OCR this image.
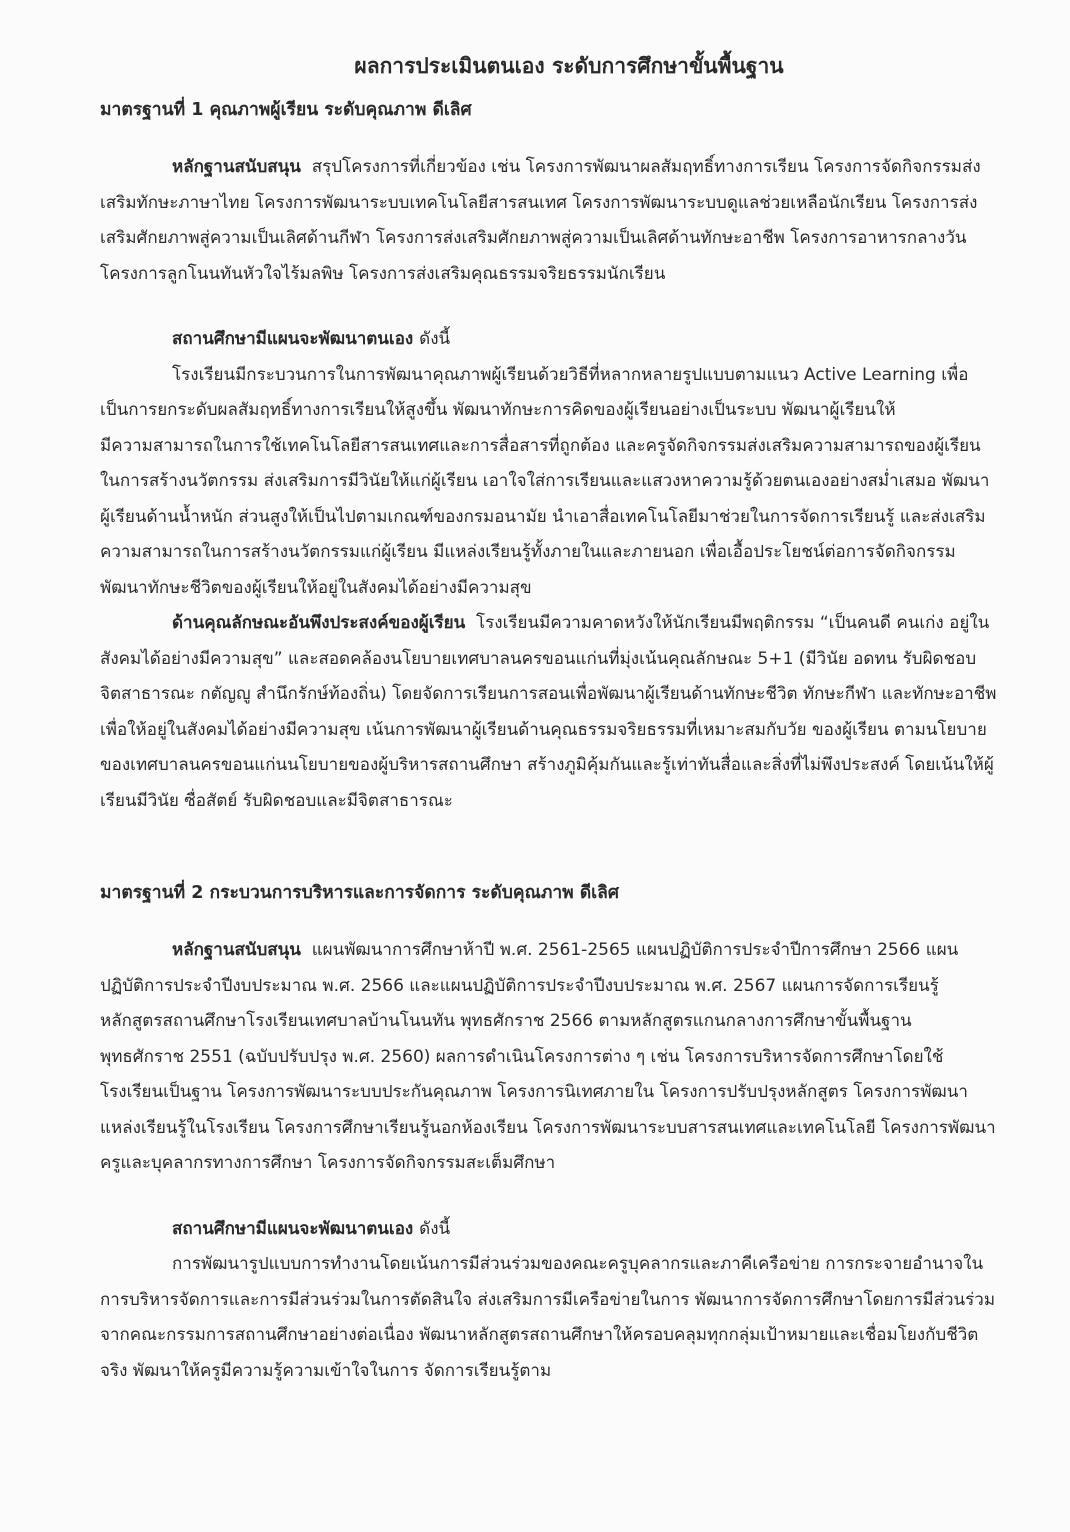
ผลการประเมินตนเอง ระดับการศึกษาขั้นพื้นฐาน
มาตรฐานที่ 1 คุณภาพผู้เรียน ระดับคุณภาพ ดีเลิศ

หลักฐานสนับสนุน สรุปโครงการที่เกี่ยวข้อง เช่น โครงการพัฒนาผลสัมฤทธิ์ทางการเรียน โครงการจัดกิจกรรมส่งเสริมทักษะภาษาไทย โครงการพัฒนาระบบเทคโนโลยีสารสนเทศ โครงการพัฒนาระบบดูแลช่วยเหลือนักเรียน โครงการส่งเสริมศักยภาพสู่ความเป็นเลิศด้านกีฬา โครงการส่งเสริมศักยภาพสู่ความเป็นเลิศด้านทักษะอาชีพ โครงการอาหารกลางวัน โครงการลูกโนนทันหัวใจไร้มลพิษ โครงการส่งเสริมคุณธรรมจริยธรรมนักเรียน

สถานศึกษามีแผนจะพัฒนาตนเอง ดังนี้

โรงเรียนมีกระบวนการในการพัฒนาคุณภาพผู้เรียนด้วยวิธีที่หลากหลายรูปแบบตามแนว Active Learning เพื่อเป็นการยกระดับผลสัมฤทธิ์ทางการเรียนให้สูงขึ้น พัฒนาทักษะการคิดของผู้เรียนอย่างเป็นระบบ พัฒนาผู้เรียนให้

มีความสามารถในการใช้เทคโนโลยีสารสนเทศและการสื่อสารที่ถูกต้อง และครูจัดกิจกรรมส่งเสริมความสามารถของผู้เรียนในการสร้างนวัตกรรม ส่งเสริมการมีวินัยให้แก่ผู้เรียน เอาใจใส่การเรียนและแสวงหาความรู้ด้วยตนเองอย่างสม่ำเสมอ พัฒนาผู้เรียนด้านน้ำหนัก ส่วนสูงให้เป็นไปตามเกณฑ์ของกรมอนามัย นำเอาสื่อเทคโนโลยีมาช่วยในการจัดการเรียนรู้ และส่งเสริมความสามารถในการสร้างนวัตกรรมแก่ผู้เรียน มีแหล่งเรียนรู้ทั้งภายในและภายนอก เพื่อเอื้อประโยชน์ต่อการจัดกิจกรรมพัฒนาทักษะชีวิตของผู้เรียนให้อยู่ในสังคมได้อย่างมีความสุข

ด้านคุณลักษณะอันพึงประสงค์ของผู้เรียน โรงเรียนมีความคาดหวังให้นักเรียนมีพฤติกรรม “เป็นคนดี คนเก่ง อยู่ในสังคมได้อย่างมีความสุข” และสอดคล้องนโยบายเทศบาลนครขอนแก่นที่มุ่งเน้นคุณลักษณะ 5+1 (มีวินัย อดทน รับผิดชอบ จิตสาธารณะ กตัญญู สำนึกรักษ์ท้องถิ่น) โดยจัดการเรียนการสอนเพื่อพัฒนาผู้เรียนด้านทักษะชีวิต ทักษะกีฬา และทักษะอาชีพ เพื่อให้อยู่ในสังคมได้อย่างมีความสุข เน้นการพัฒนาผู้เรียนด้านคุณธรรมจริยธรรมที่เหมาะสมกับวัย ของผู้เรียน ตามนโยบายของเทศบาลนครขอนแก่นนโยบายของผู้บริหารสถานศึกษา สร้างภูมิคุ้มกันและรู้เท่าทันสื่อและสิ่งที่ไม่พึงประสงค์ โดยเน้นให้ผู้เรียนมีวินัย ซื่อสัตย์ รับผิดชอบและมีจิตสาธารณะ

มาตรฐานที่ 2 กระบวนการบริหารและการจัดการ ระดับคุณภาพ ดีเลิศ

หลักฐานสนับสนุน แผนพัฒนาการศึกษาห้าปี พ.ศ. 2561-2565 แผนปฏิบัติการประจำปีการศึกษา 2566 แผนปฏิบัติการประจำปีงบประมาณ พ.ศ. 2566 และแผนปฏิบัติการประจำปีงบประมาณ พ.ศ. 2567 แผนการจัดการเรียนรู้ หลักสูตรสถานศึกษาโรงเรียนเทศบาลบ้านโนนทัน พุทธศักราช 2566 ตามหลักสูตรแกนกลางการศึกษาขั้นพื้นฐาน พุทธศักราช 2551 (ฉบับปรับปรุง พ.ศ. 2560) ผลการดำเนินโครงการต่าง ๆ เช่น โครงการบริหารจัดการศึกษาโดยใช้โรงเรียนเป็นฐาน โครงการพัฒนาระบบประกันคุณภาพ โครงการนิเทศภายใน โครงการปรับปรุงหลักสูตร โครงการพัฒนาแหล่งเรียนรู้ในโรงเรียน โครงการศึกษาเรียนรู้นอกห้องเรียน โครงการพัฒนาระบบสารสนเทศและเทคโนโลยี โครงการพัฒนาครูและบุคลากรทางการศึกษา โครงการจัดกิจกรรมสะเต็มศึกษา

สถานศึกษามีแผนจะพัฒนาตนเอง ดังนี้

การพัฒนารูปแบบการทำงานโดยเน้นการมีส่วนร่วมของคณะครูบุคลากรและภาคีเครือข่าย การกระจายอำนาจในการบริหารจัดการและการมีส่วนร่วมในการตัดสินใจ ส่งเสริมการมีเครือข่ายในการ พัฒนาการจัดการศึกษาโดยการมีส่วนร่วมจากคณะกรรมการสถานศึกษาอย่างต่อเนื่อง พัฒนาหลักสูตรสถานศึกษาให้ครอบคลุมทุกกลุ่มเป้าหมายและเชื่อมโยงกับชีวิตจริง พัฒนาให้ครูมีความรู้ความเข้าใจในการ จัดการเรียนรู้ตาม
